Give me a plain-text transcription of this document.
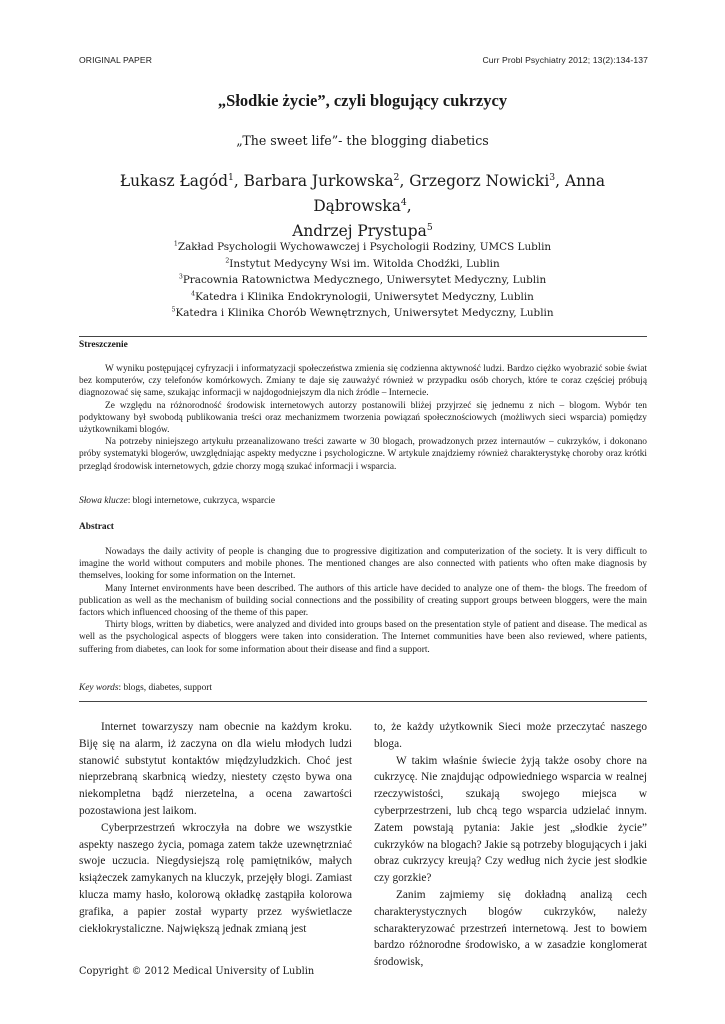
ORIGINAL PAPER	Curr Probl Psychiatry 2012; 13(2):134-137
„Słodkie życie”, czyli blogujący cukrzycy
„The sweet life”- the blogging diabetics
Łukasz Łagód$^1$, Barbara Jurkowska$^2$, Grzegorz Nowicki$^3$, Anna Dąbrowska$^4$,
Andrzej Prystupa$^5$
$^1$Zakład Psychologii Wychowawczej i Psychologii Rodziny, UMCS Lublin
$^2$Instytut Medycyny Wsi im. Witolda Chodźki, Lublin
$^3$Pracownia Ratownictwa Medycznego, Uniwersytet Medyczny, Lublin
$^4$Katedra i Klinika Endokrynologii, Uniwersytet Medyczny, Lublin
$^5$Katedra i Klinika Chorób Wewnętrznych, Uniwersytet Medyczny, Lublin
Streszczenie

W wyniku postępującej cyfryzacji i informatyzacji społeczeństwa zmienia się codzienna aktywność ludzi. Bardzo ciężko wyobrazić sobie świat bez komputerów, czy telefonów komórkowych. Zmiany te daje się zauważyć również w przypadku osób chorych, które te coraz częściej próbują diagnozować się same, szukając informacji w najdogodniejszym dla nich źródle – Internecie.

Ze względu na różnorodność środowisk internetowych autorzy postanowili bliżej przyjrzeć się jednemu z nich – blogom. Wybór ten podyktowany był swobodą publikowania treści oraz mechanizmem tworzenia powiązań społecznościowych (możliwych sieci wsparcia) pomiędzy użytkownikami blogów.

Na potrzeby niniejszego artykułu przeanalizowano treści zawarte w 30 blogach, prowadzonych przez internautów – cukrzyków, i dokonano próby systematyki blogerów, uwzględniając aspekty medyczne i psychologiczne. W artykule znajdziemy również charakterystykę choroby oraz krótki przegląd środowisk internetowych, gdzie chorzy mogą szukać informacji i wsparcia.

Słowa klucze: blogi internetowe, cukrzyca, wsparcie
Abstract

Nowadays the daily activity of people is changing due to progressive digitization and computerization of the society. It is very difficult to imagine the world without computers and mobile phones. The mentioned changes are also connected with patients who often make diagnosis by themselves, looking for some information on the Internet.

Many Internet environments have been described. The authors of this article have decided to analyze one of them- the blogs. The freedom of publication as well as the mechanism of building social connections and the possibility of creating support groups between bloggers, were the main factors which influenced choosing of the theme of this paper.

Thirty blogs, written by diabetics, were analyzed and divided into groups based on the presentation style of patient and disease. The medical as well as the psychological aspects of bloggers were taken into consideration. The Internet communities have been also reviewed, where patients, suffering from diabetes, can look for some information about their disease and find a support.

Key words: blogs, diabetes, support

Internet towarzyszy nam obecnie na każdym kroku. Biję się na alarm, iż zaczyna on dla wielu młodych ludzi stanowić substytut kontaktów międzyludzkich. Choć jest nieprzebraną skarbnicą wiedzy, niestety często bywa ona niekompletna bądź nierzetelna, a ocena zawartości pozostawiona jest laikom.

Cyberprzestrzeń wkroczyła na dobre we wszystkie aspekty naszego życia, pomaga zatem także uzewnętrzniać swoje uczucia. Niegdysiejszą rolę pamiętników, małych książeczek zamykanych na kluczyk, przejęły blogi. Zamiast klucza mamy hasło, kolorową okładkę zastąpiła kolorowa grafika, a papier został wyparty przez wyświetlacze ciekłokrystaliczne. Największą jednak zmianą jest

to, że każdy użytkownik Sieci może przeczytać naszego bloga.

W takim właśnie świecie żyją także osoby chore na cukrzycę. Nie znajdując odpowiedniego wsparcia w realnej rzeczywistości, szukają swojego miejsca w cyberprzestrzeni, lub chcą tego wsparcia udzielać innym. Zatem powstają pytania: Jakie jest „słodkie życie” cukrzyków na blogach? Jakie są potrzeby blogujących i jaki obraz cukrzycy kreują? Czy według nich życie jest słodkie czy gorzkie?

Zanim zajmiemy się dokładną analizą cech charakterystycznych blogów cukrzyków, należy scharakteryzować przestrzeń internetową. Jest to bowiem bardzo różnorodne środowisko, a w zasadzie konglomerat środowisk,

Copyright © 2012 Medical University of Lublin
